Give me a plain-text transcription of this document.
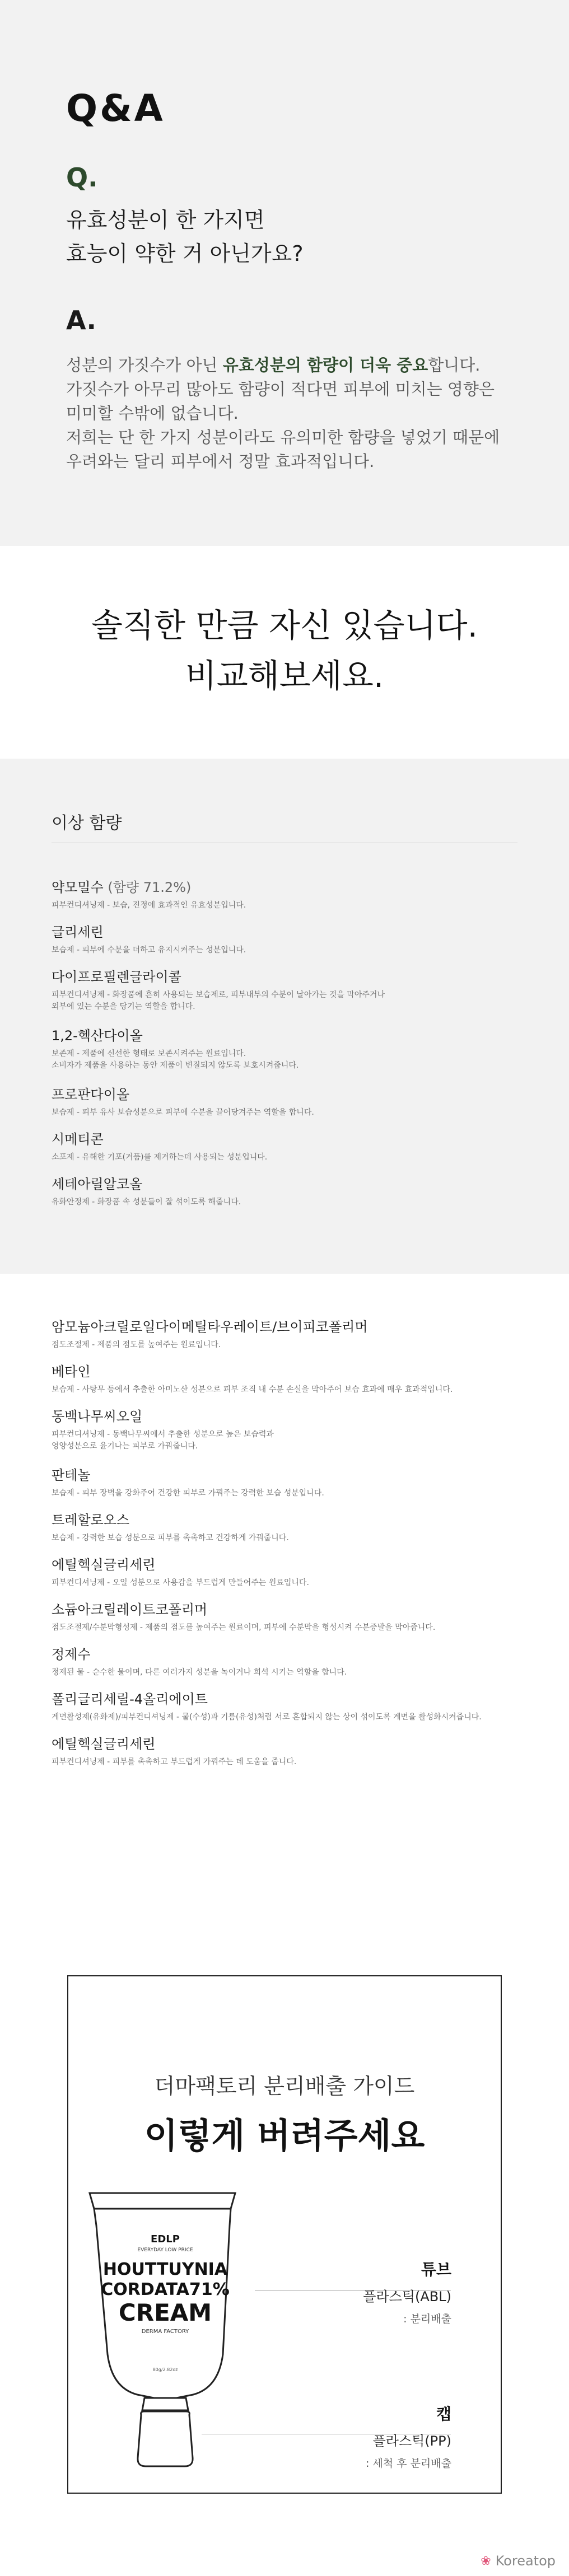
Q&A
Q.
유효성분이 한 가지면
효능이 약한 거 아닌가요?
A.
성분의 가짓수가 아닌 유효성분의 함량이 더욱 중요합니다.
가짓수가 아무리 많아도 함량이 적다면 피부에 미치는 영향은
미미할 수밖에 없습니다.
저희는 단 한 가지 성분이라도 유의미한 함량을 넣었기 때문에
우려와는 달리 피부에서 정말 효과적입니다.
솔직한 만큼 자신 있습니다.
비교해보세요.
이상 함량
약모밀수 (함량 71.2%)
피부컨디셔닝제 - 보습, 진정에 효과적인 유효성분입니다.
글리세린
보습제 - 피부에 수분을 더하고 유지시켜주는 성분입니다.
다이프로필렌글라이콜
피부컨디셔닝제 - 화장품에 흔히 사용되는 보습제로, 피부내부의 수분이 날아가는 것을 막아주거나
외부에 있는 수분을 당기는 역할을 합니다.
1,2-헥산다이올
보존제 - 제품에 신선한 형태로 보존시켜주는 원료입니다.
소비자가 제품을 사용하는 동안 제품이 변질되지 않도록 보호시켜줍니다.
프로판다이올
보습제 - 피부 유사 보습성분으로 피부에 수분을 끌어당겨주는 역할을 합니다.
시메티콘
소포제 - 유해한 기포(거품)를 제거하는데 사용되는 성분입니다.
세테아릴알코올
유화안정제 - 화장품 속 성분들이 잘 섞이도록 해줍니다.
암모늄아크릴로일다이메틸타우레이트/브이피코폴리머
점도조절제 - 제품의 점도를 높여주는 원료입니다.
베타인
보습제 - 사탕무 등에서 추출한 아미노산 성분으로 피부 조직 내 수분 손실을 막아주어 보습 효과에 매우 효과적입니다.
동백나무씨오일
피부컨디셔닝제 - 동백나무씨에서 추출한 성분으로 높은 보습력과
영양성분으로 윤기나는 피부로 가꿔줍니다.
판테놀
보습제 - 피부 장벽을 강화주어 건강한 피부로 가꿔주는 강력한 보습 성분입니다.
트레할로오스
보습제 - 강력한 보습 성분으로 피부를 촉촉하고 건강하게 가꿔줍니다.
에틸헥실글리세린
피부컨디셔닝제 - 오일 성분으로 사용감을 부드럽게 만들어주는 원료입니다.
소듐아크릴레이트코폴리머
점도조절제/수분막형성제 - 제품의 점도를 높여주는 원료이며, 피부에 수분막을 형성시켜 수분증발을 막아줍니다.
정제수
정제된 물 - 순수한 물이며, 다른 여러가지 성분을 녹이거나 희석 시키는 역할을 합니다.
폴리글리세릴-4올리에이트
계면활성제(유화제)/피부컨디셔닝제 - 물(수성)과 기름(유성)처럼 서로 혼합되지 않는 상이 섞이도록 계면을 활성화시켜줍니다.
에틸헥실글리세린
피부컨디셔닝제 - 피부를 촉촉하고 부드럽게 가꿔주는 데 도움을 줍니다.
더마팩토리 분리배출 가이드
이렇게 버려주세요
EDLP
EVERYDAY LOW PRICE
HOUTTUYNIA
CORDATA71%
CREAM
DERMA FACTORY
80g/2.82oz
튜브
플라스틱(ABL)
: 분리배출
캡
플라스틱(PP)
: 세척 후 분리배출
❀ Koreatop
